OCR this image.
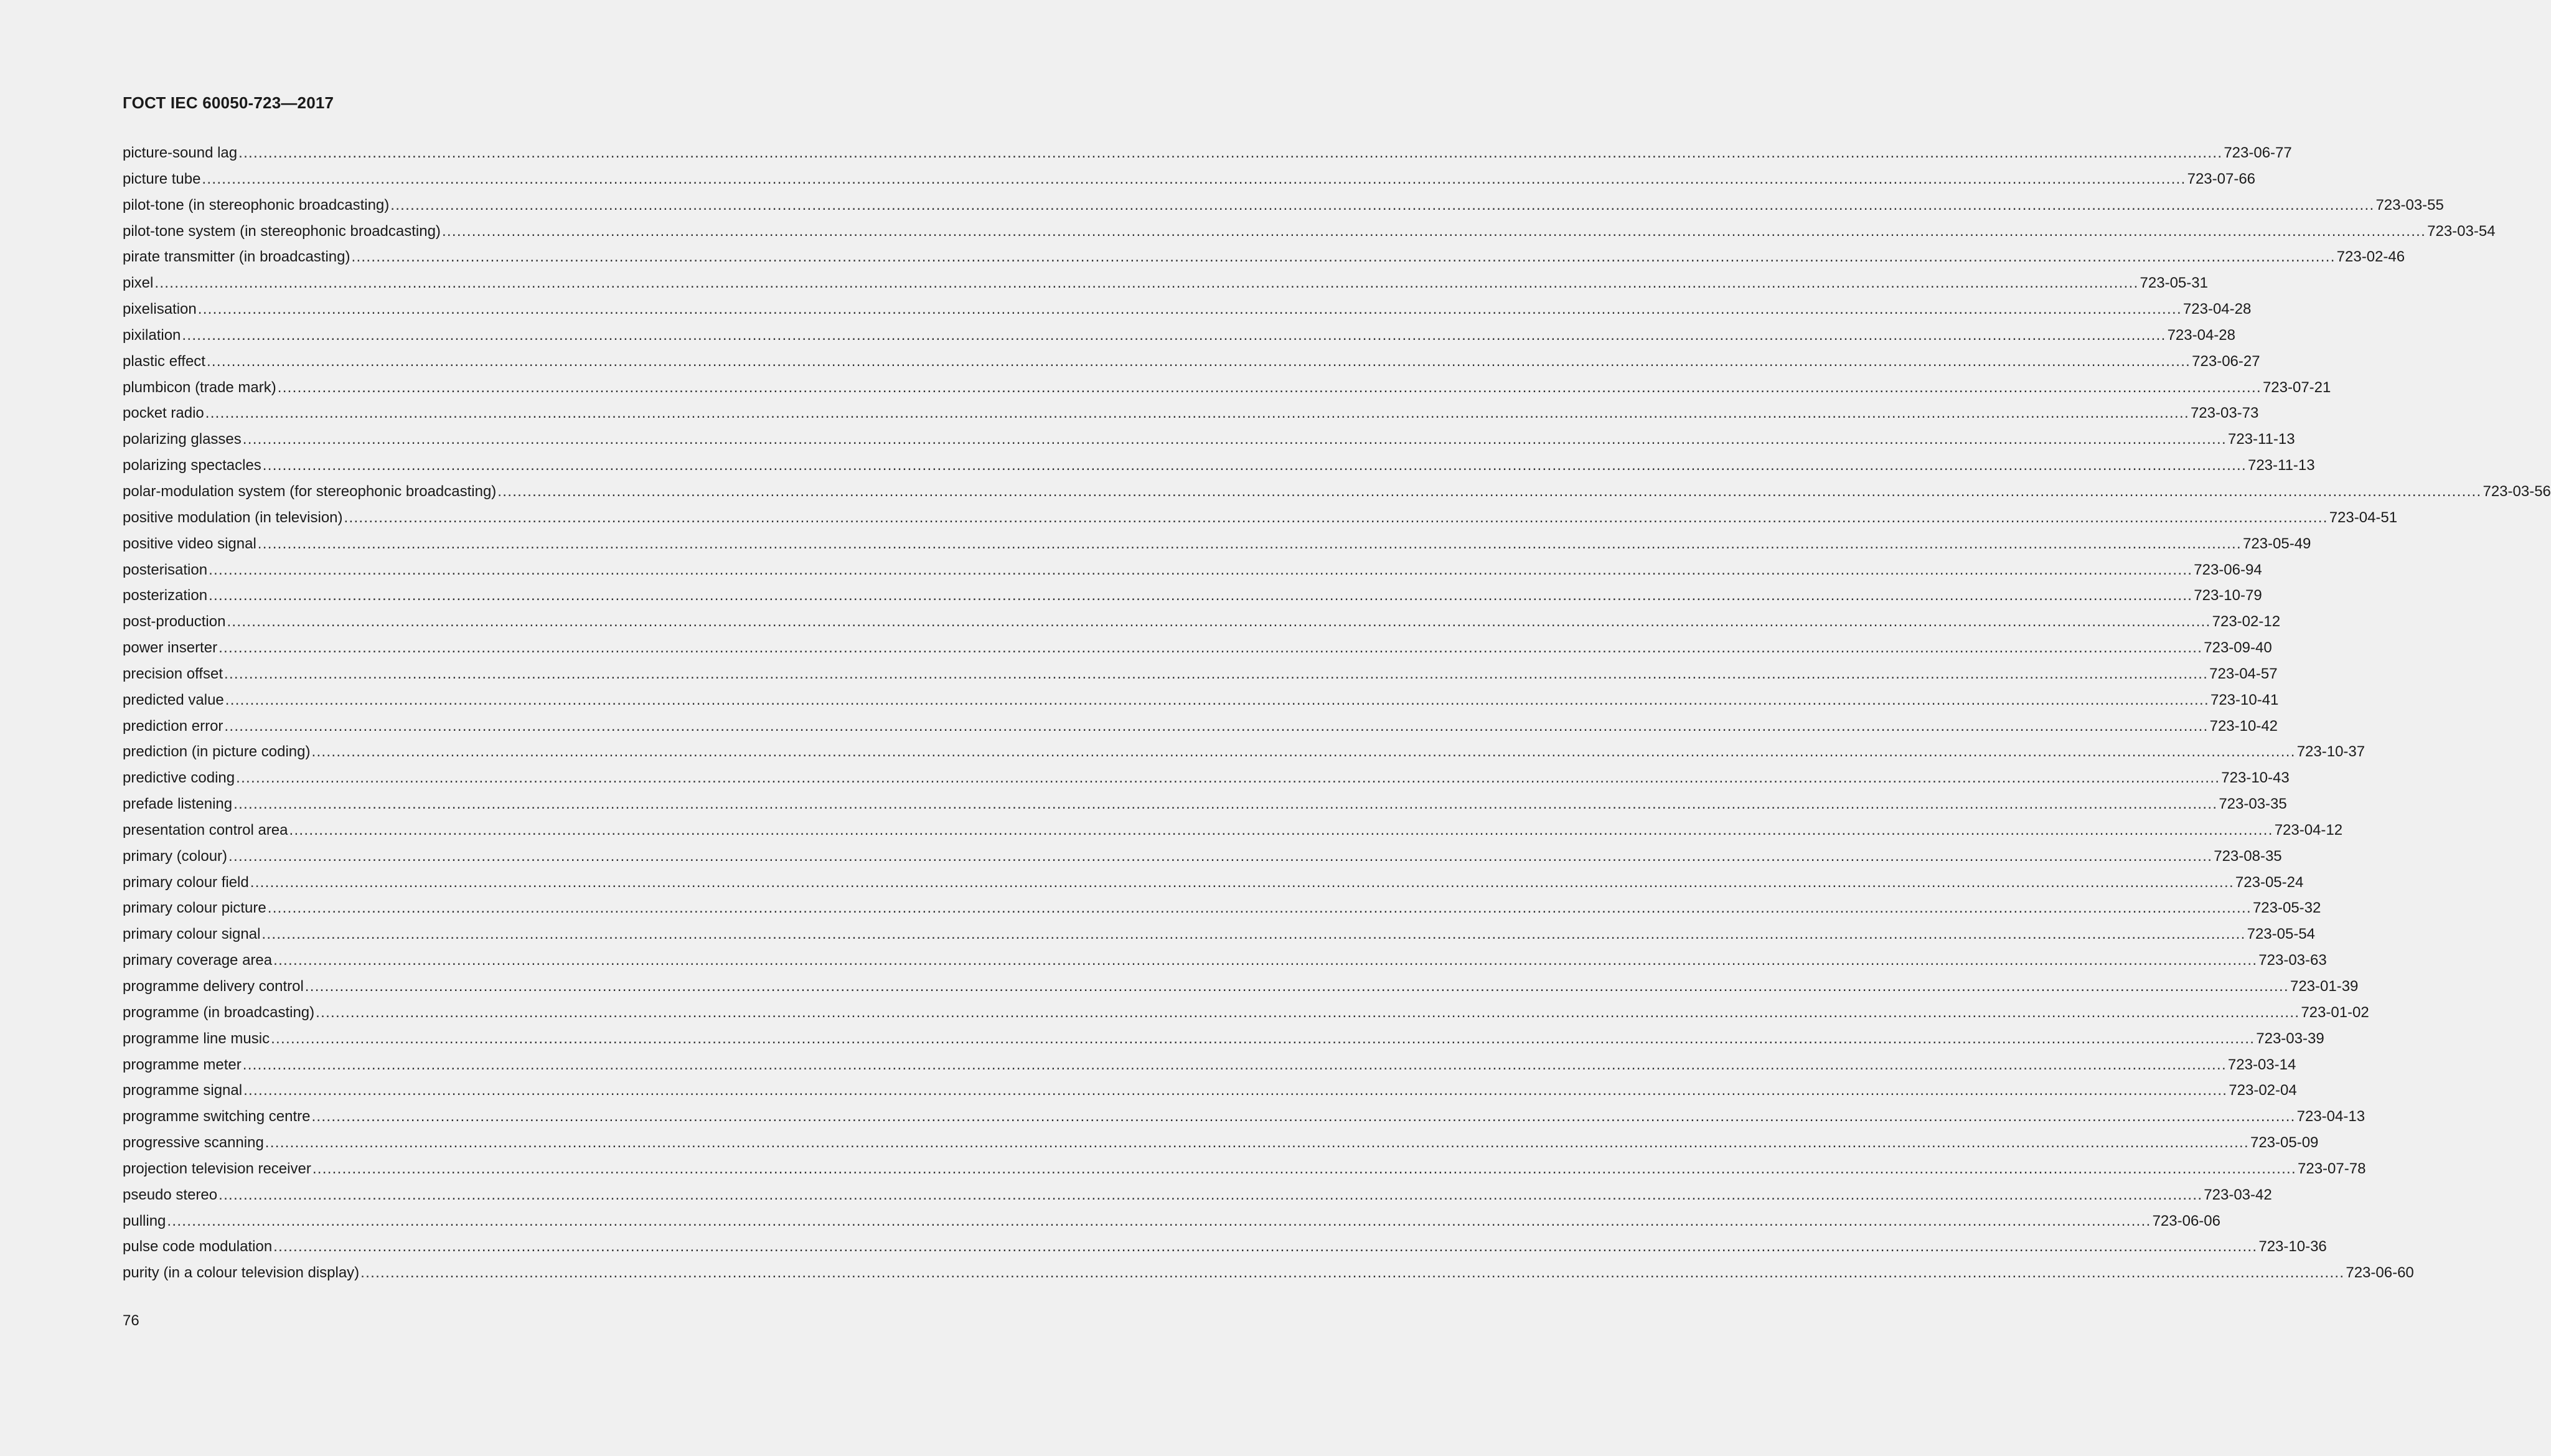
ГОСТ IEC 60050-723—2017
picture-sound lag ................................................................................................................................................................................................................................................................................................................................................................................................................ 723-06-77
picture tube ................................................................................................................................................................................................................................................................................................................................................................................................................ 723-07-66
pilot-tone (in stereophonic broadcasting) ................................................................................................................................................................................................................................................................................................................................................................................................................ 723-03-55
pilot-tone system (in stereophonic broadcasting) ................................................................................................................................................................................................................................................................................................................................................................................................................ 723-03-54
pirate transmitter (in broadcasting) ................................................................................................................................................................................................................................................................................................................................................................................................................ 723-02-46
pixel ................................................................................................................................................................................................................................................................................................................................................................................................................ 723-05-31
pixelisation ................................................................................................................................................................................................................................................................................................................................................................................................................ 723-04-28
pixilation ................................................................................................................................................................................................................................................................................................................................................................................................................ 723-04-28
plastic effect ................................................................................................................................................................................................................................................................................................................................................................................................................ 723-06-27
plumbicon (trade mark) ................................................................................................................................................................................................................................................................................................................................................................................................................ 723-07-21
pocket radio ................................................................................................................................................................................................................................................................................................................................................................................................................ 723-03-73
polarizing glasses ................................................................................................................................................................................................................................................................................................................................................................................................................ 723-11-13
polarizing spectacles ................................................................................................................................................................................................................................................................................................................................................................................................................ 723-11-13
polar-modulation system (for stereophonic broadcasting) ................................................................................................................................................................................................................................................................................................................................................................................................................ 723-03-56
positive modulation (in television) ................................................................................................................................................................................................................................................................................................................................................................................................................ 723-04-51
positive video signal ................................................................................................................................................................................................................................................................................................................................................................................................................ 723-05-49
posterisation ................................................................................................................................................................................................................................................................................................................................................................................................................ 723-06-94
posterization ................................................................................................................................................................................................................................................................................................................................................................................................................ 723-10-79
post-production ................................................................................................................................................................................................................................................................................................................................................................................................................ 723-02-12
power inserter ................................................................................................................................................................................................................................................................................................................................................................................................................ 723-09-40
precision offset ................................................................................................................................................................................................................................................................................................................................................................................................................ 723-04-57
predicted value ................................................................................................................................................................................................................................................................................................................................................................................................................ 723-10-41
prediction error ................................................................................................................................................................................................................................................................................................................................................................................................................ 723-10-42
prediction (in picture coding) ................................................................................................................................................................................................................................................................................................................................................................................................................ 723-10-37
predictive coding ................................................................................................................................................................................................................................................................................................................................................................................................................ 723-10-43
prefade listening ................................................................................................................................................................................................................................................................................................................................................................................................................ 723-03-35
presentation control area ................................................................................................................................................................................................................................................................................................................................................................................................................ 723-04-12
primary (colour) ................................................................................................................................................................................................................................................................................................................................................................................................................ 723-08-35
primary colour field ................................................................................................................................................................................................................................................................................................................................................................................................................ 723-05-24
primary colour picture ................................................................................................................................................................................................................................................................................................................................................................................................................ 723-05-32
primary colour signal ................................................................................................................................................................................................................................................................................................................................................................................................................ 723-05-54
primary coverage area ................................................................................................................................................................................................................................................................................................................................................................................................................ 723-03-63
programme delivery control ................................................................................................................................................................................................................................................................................................................................................................................................................ 723-01-39
programme (in broadcasting) ................................................................................................................................................................................................................................................................................................................................................................................................................ 723-01-02
programme line music ................................................................................................................................................................................................................................................................................................................................................................................................................ 723-03-39
programme meter ................................................................................................................................................................................................................................................................................................................................................................................................................ 723-03-14
programme signal ................................................................................................................................................................................................................................................................................................................................................................................................................ 723-02-04
programme switching centre ................................................................................................................................................................................................................................................................................................................................................................................................................ 723-04-13
progressive scanning ................................................................................................................................................................................................................................................................................................................................................................................................................ 723-05-09
projection television receiver ................................................................................................................................................................................................................................................................................................................................................................................................................ 723-07-78
pseudo stereo ................................................................................................................................................................................................................................................................................................................................................................................................................ 723-03-42
pulling ................................................................................................................................................................................................................................................................................................................................................................................................................ 723-06-06
pulse code modulation ................................................................................................................................................................................................................................................................................................................................................................................................................ 723-10-36
purity (in a colour television display) ................................................................................................................................................................................................................................................................................................................................................................................................................ 723-06-60
76
